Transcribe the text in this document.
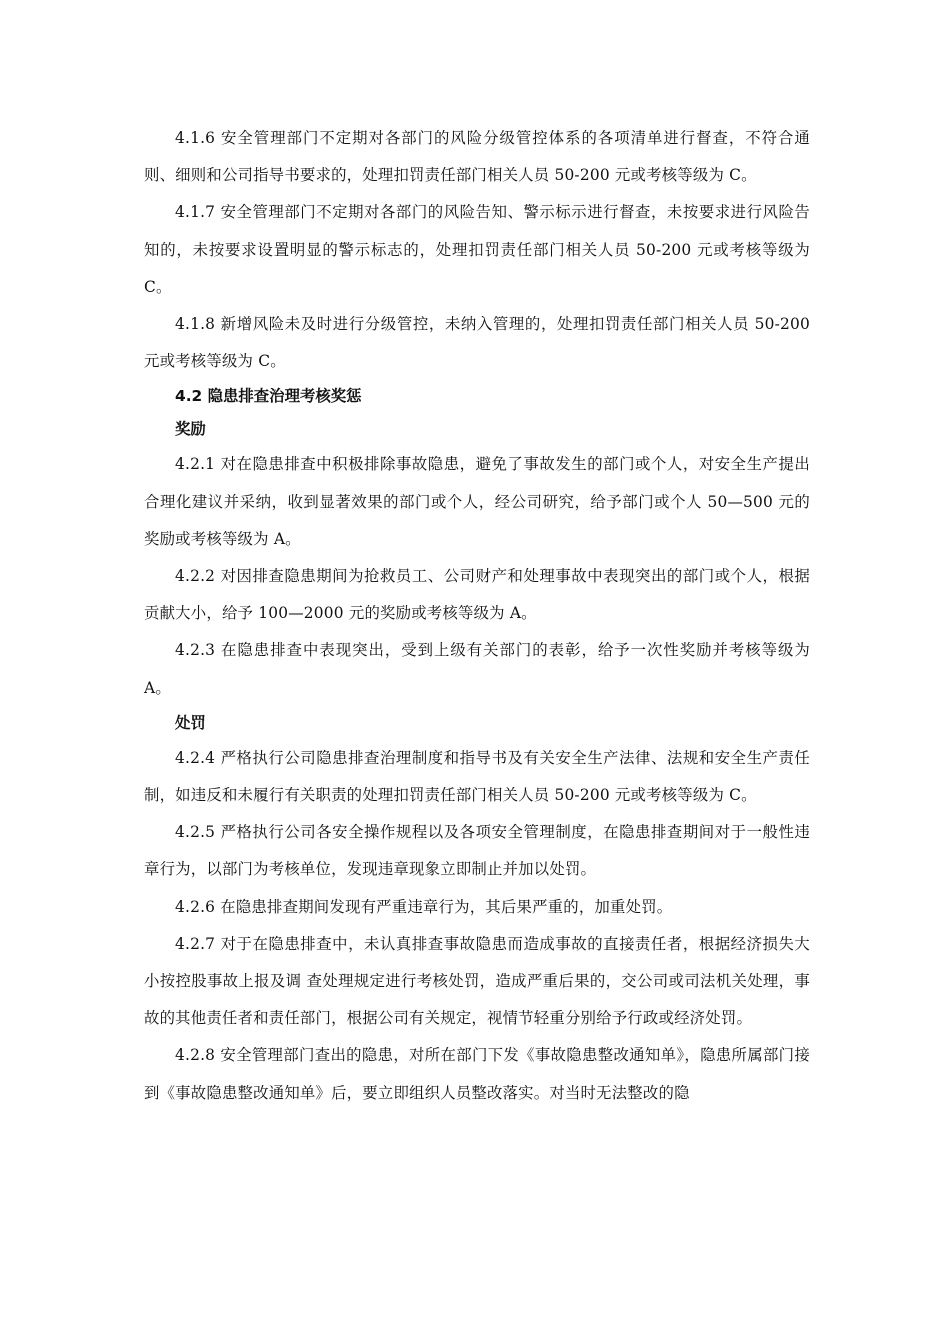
4.1.6 安全管理部门不定期对各部门的风险分级管控体系的各项清单进行督查，不符合通则、细则和公司指导书要求的，处理扣罚责任部门相关人员 50-200 元或考核等级为 C。

4.1.7 安全管理部门不定期对各部门的风险告知、警示标示进行督查，未按要求进行风险告知的，未按要求设置明显的警示标志的，处理扣罚责任部门相关人员 50-200 元或考核等级为 C。

4.1.8 新增风险未及时进行分级管控，未纳入管理的，处理扣罚责任部门相关人员 50-200 元或考核等级为 C。

4.2 隐患排查治理考核奖惩

奖励

4.2.1 对在隐患排查中积极排除事故隐患，避免了事故发生的部门或个人，对安全生产提出合理化建议并采纳，收到显著效果的部门或个人，经公司研究，给予部门或个人 50—500 元的奖励或考核等级为 A。

4.2.2 对因排查隐患期间为抢救员工、公司财产和处理事故中表现突出的部门或个人，根据贡献大小，给予 100—2000 元的奖励或考核等级为 A。

4.2.3 在隐患排查中表现突出，受到上级有关部门的表彰，给予一次性奖励并考核等级为 A。

处罚

4.2.4 严格执行公司隐患排查治理制度和指导书及有关安全生产法律、法规和安全生产责任制，如违反和未履行有关职责的处理扣罚责任部门相关人员 50-200 元或考核等级为 C。

4.2.5 严格执行公司各安全操作规程以及各项安全管理制度，在隐患排查期间对于一般性违章行为，以部门为考核单位，发现违章现象立即制止并加以处罚。

4.2.6 在隐患排查期间发现有严重违章行为，其后果严重的，加重处罚。

4.2.7 对于在隐患排查中，未认真排查事故隐患而造成事故的直接责任者，根据经济损失大小按控股事故上报及调 查处理规定进行考核处罚，造成严重后果的，交公司或司法机关处理，事故的其他责任者和责任部门，根据公司有关规定，视情节轻重分别给予行政或经济处罚。

4.2.8 安全管理部门查出的隐患，对所在部门下发《事故隐患整改通知单》，隐患所属部门接到《事故隐患整改通知单》后，要立即组织人员整改落实。对当时无法整改的隐
